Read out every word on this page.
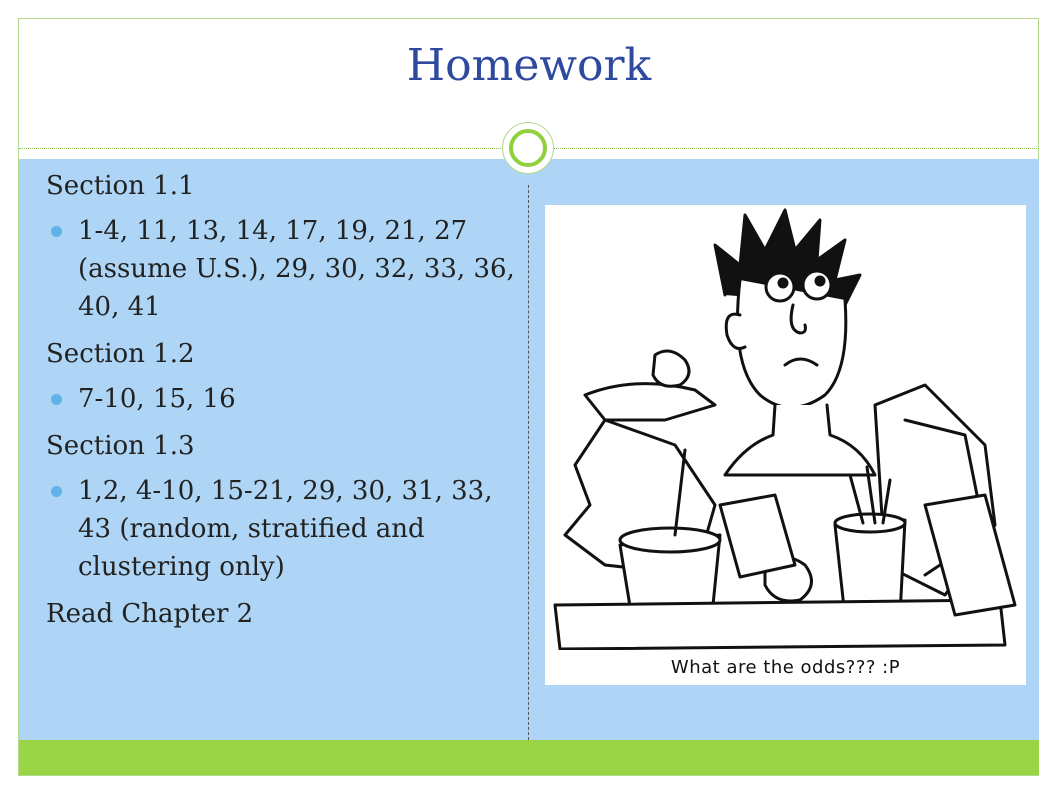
Homework

Section 1.1

1-4, 11, 13, 14, 17, 19, 21, 27 (assume U.S.), 29, 30, 32, 33, 36, 40, 41

Section 1.2

7-10, 15, 16

Section 1.3

1,2, 4-10, 15-21, 29, 30, 31, 33, 43 (random, stratified and clustering only)

Read Chapter 2

What are the odds??? :P
